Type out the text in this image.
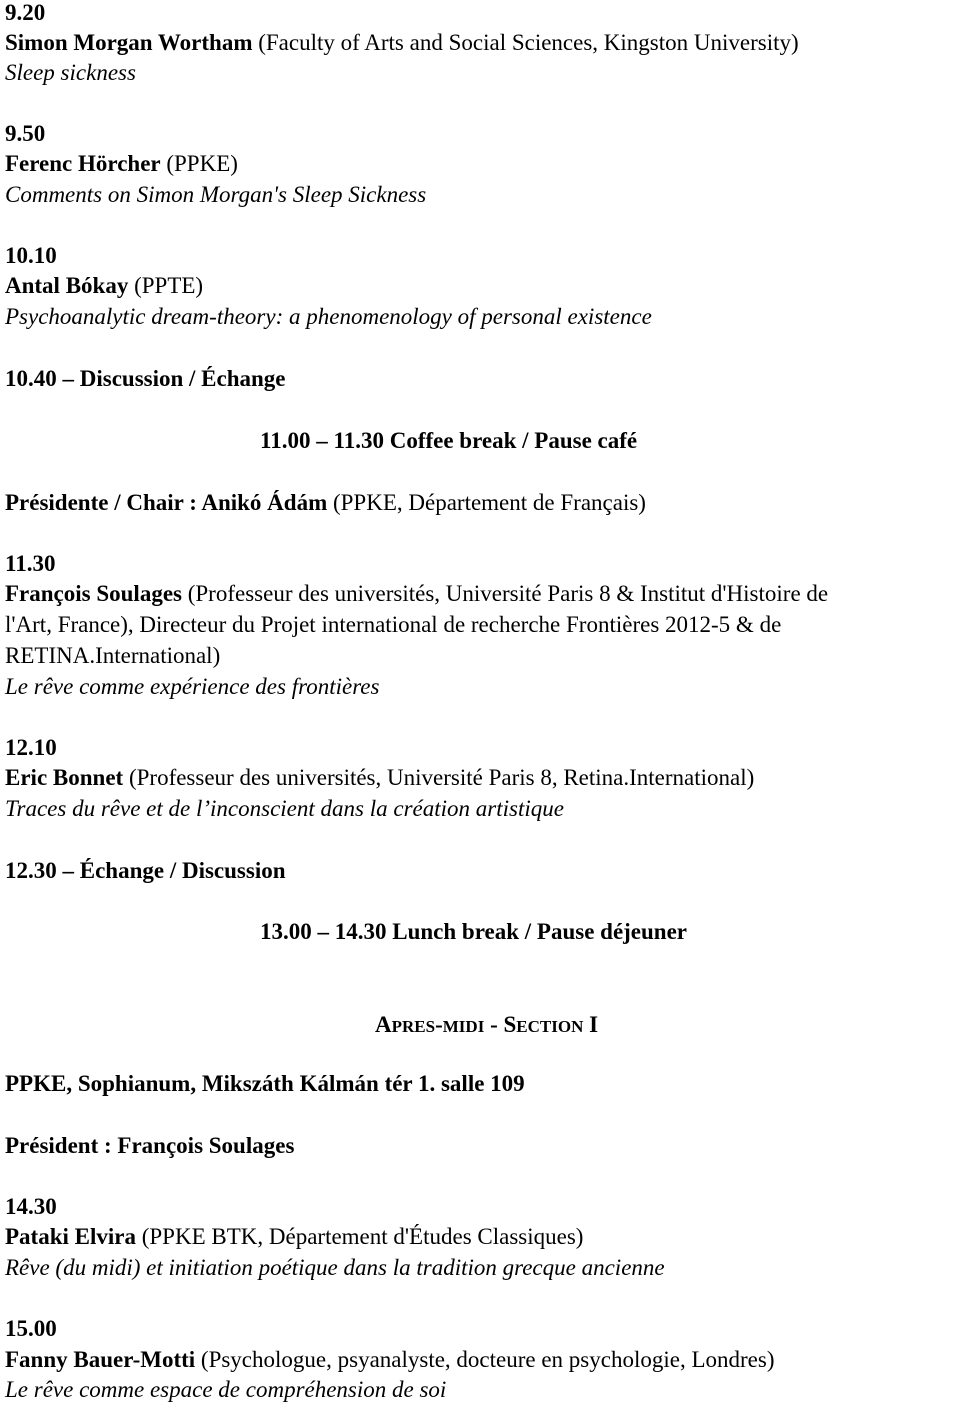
9.20

Simon Morgan Wortham (Faculty of Arts and Social Sciences, Kingston University)

Sleep sickness

9.50

Ferenc Hörcher (PPKE)

Comments on Simon Morgan's Sleep Sickness

10.10

Antal Bókay (PPTE)

Psychoanalytic dream-theory: a phenomenology of personal existence

10.40 – Discussion / Échange

11.00 – 11.30 Coffee break / Pause café

Présidente / Chair : Anikó Ádám (PPKE, Département de Français)

11.30

François Soulages (Professeur des universités, Université Paris 8 & Institut d'Histoire de

l'Art, France), Directeur du Projet international de recherche Frontières 2012-5 & de

RETINA.International)

Le rêve comme expérience des frontières

12.10

Eric Bonnet (Professeur des universités, Université Paris 8, Retina.International)

Traces du rêve et de l’inconscient dans la création artistique

12.30 – Échange / Discussion

13.00 – 14.30 Lunch break / Pause déjeuner

APRES-MIDI - SECTION I

PPKE, Sophianum, Mikszáth Kálmán tér 1. salle 109

Président : François Soulages

14.30

Pataki Elvira (PPKE BTK, Département d'Études Classiques)

Rêve (du midi) et initiation poétique dans la tradition grecque ancienne

15.00

Fanny Bauer-Motti (Psychologue, psyanalyste, docteure en psychologie, Londres)

Le rêve comme espace de compréhension de soi
